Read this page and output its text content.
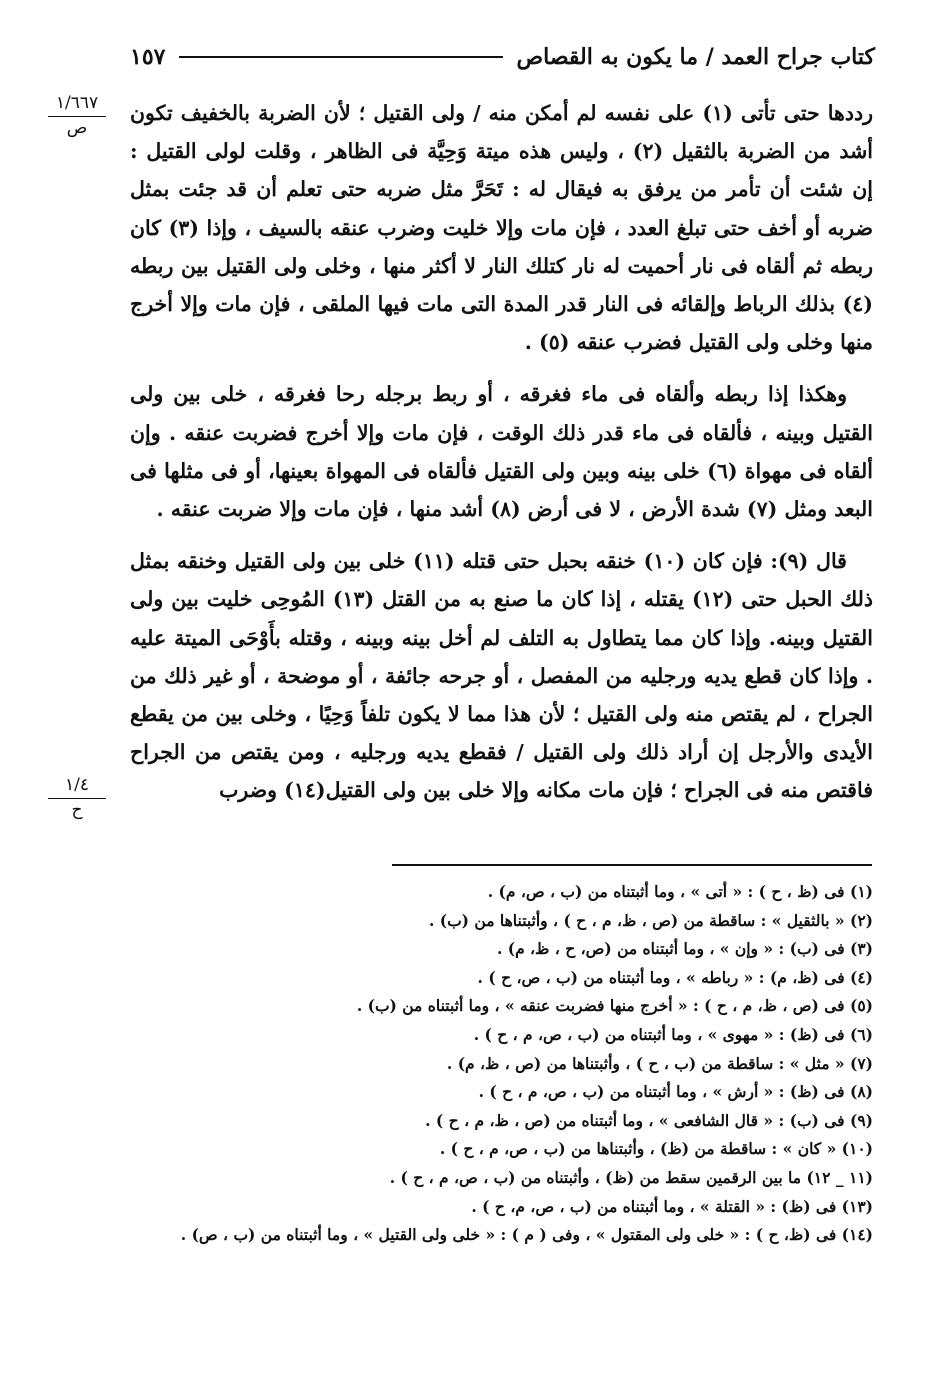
كتاب جراح العمد / ما يكون به القصاص
١٥٧
١/٦٦٧
ص
١/٤
ح

رددها حتى تأتى (١) على نفسه لم أمكن منه / ولى القتيل ؛ لأن الضربة بالخفيف تكون أشد من الضربة بالثقيل (٢) ، وليس هذه ميتة وَحِيَّة فى الظاهر ، وقلت لولى القتيل : إن شئت أن تأمر من يرفق به فيقال له : تَحَرَّ مثل ضربه حتى تعلم أن قد جئت بمثل ضربه أو أخف حتى تبلغ العدد ، فإن مات وإلا خليت وضرب عنقه بالسيف ، وإذا (٣) كان ربطه ثم ألقاه فى نار أحميت له نار كتلك النار لا أكثر منها ، وخلى ولى القتيل بين ربطه (٤) بذلك الرباط وإلقائه فى النار قدر المدة التى مات فيها الملقى ، فإن مات وإلا أخرج منها وخلى ولى القتيل فضرب عنقه (٥) .

وهكذا إذا ربطه وألقاه فى ماء فغرقه ، أو ربط برجله رحا فغرقه ، خلى بين ولى القتيل وبينه ، فألقاه فى ماء قدر ذلك الوقت ، فإن مات وإلا أخرج فضربت عنقه . وإن ألقاه فى مهواة (٦) خلى بينه وبين ولى القتيل فألقاه فى المهواة بعينها، أو فى مثلها فى البعد ومثل (٧) شدة الأرض ، لا فى أرض (٨) أشد منها ، فإن مات وإلا ضربت عنقه .

قال (٩): فإن كان (١٠) خنقه بحبل حتى قتله (١١) خلى بين ولى القتيل وخنقه بمثل ذلك الحبل حتى (١٢) يقتله ، إذا كان ما صنع به من القتل (١٣) المُوحِى خليت بين ولى القتيل وبينه. وإذا كان مما يتطاول به التلف لم أخل بينه وبينه ، وقتله بأَوْحَى الميتة عليه . وإذا كان قطع يديه ورجليه من المفصل ، أو جرحه جائفة ، أو موضحة ، أو غير ذلك من الجراح ، لم يقتص منه ولى القتيل ؛ لأن هذا مما لا يكون تلفاً وَحِيًا ، وخلى بين من يقطع الأيدى والأرجل إن أراد ذلك ولى القتيل / فقطع يديه ورجليه ، ومن يقتص من الجراح فاقتص منه فى الجراح ؛ فإن مات مكانه وإلا خلى بين ولى القتيل(١٤) وضرب

(١) فى (ظ ، ح ) : « أتى » ، وما أثبتناه من (ب ، ص، م) .
(٢) « بالثقيل » : ساقطة من (ص ، ظ، م ، ح ) ، وأثبتناها من (ب) .
(٣) فى (ب) : « وإن » ، وما أثبتناه من (ص، ح ، ظ، م) .
(٤) فى (ظ، م) : « رباطه » ، وما أثبتناه من (ب ، ص، ح ) .
(٥) فى (ص ، ظ، م ، ح ) : « أخرج منها فضربت عنقه » ، وما أثبتناه من (ب) .
(٦) فى (ظ) : « مهوى » ، وما أثبتناه من (ب ، ص، م ، ح ) .
(٧) « مثل » : ساقطة من (ب ، ح ) ، وأثبتناها من (ص ، ظ، م) .
(٨) فى (ظ) : « أرش » ، وما أثبتناه من (ب ، ص، م ، ح ) .
(٩) فى (ب) : « قال الشافعى » ، وما أثبتناه من (ص ، ظ، م ، ح ) .
(١٠) « كان » : ساقطة من (ظ) ، وأثبتناها من (ب ، ص، م ، ح ) .
(١١ _ ١٢) ما بين الرقمين سقط من (ظ) ، وأثبتناه من (ب ، ص، م ، ح ) .
(١٣) فى (ظ) : « القتلة » ، وما أثبتناه من (ب ، ص، م، ح ) .
(١٤) فى (ظ، ح ) : « خلى ولى المقتول » ، وفى ( م ) : « خلى ولى القتيل » ، وما أثبتناه من (ب ، ص) .
